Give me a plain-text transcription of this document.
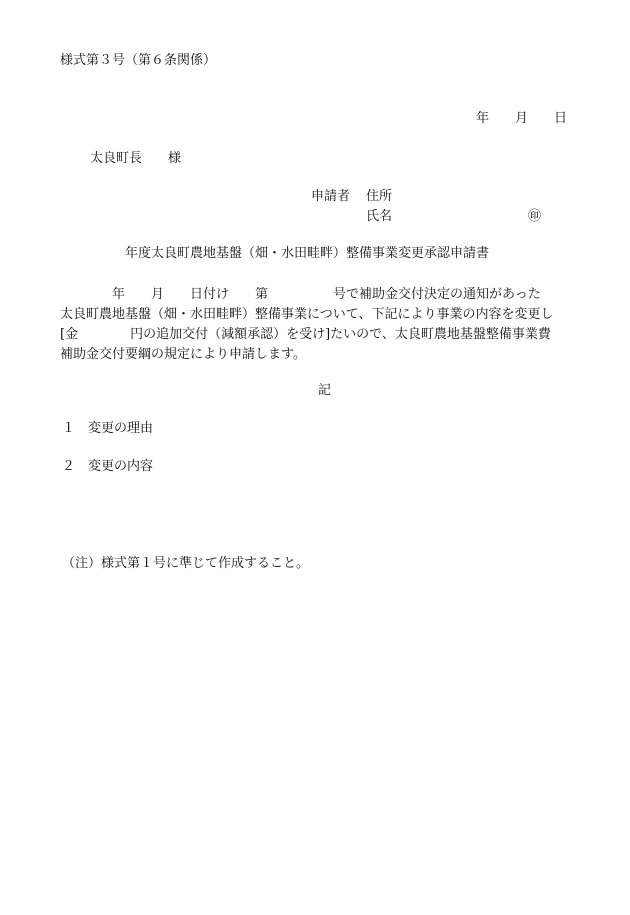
様式第３号（第６条関係）
年　　月　　日
太良町長　　様

申請者

住所

氏名

	㊞

年度太良町農地基盤（畑・水田畦畔）整備事業変更承認申請書
　　　　年　　月　　日付け　　第　　　　　号で補助金交付決定の通知があった
太良町農地基盤（畑・水田畦畔）整備事業について、下記により事業の内容を変更し
[金　　　　円の追加交付（減額承認）を受け]たいので、太良町農地基盤整備事業費
補助金交付要綱の規定により申請します。
記
１　変更の理由
２　変更の内容
（注）様式第１号に準じて作成すること。
